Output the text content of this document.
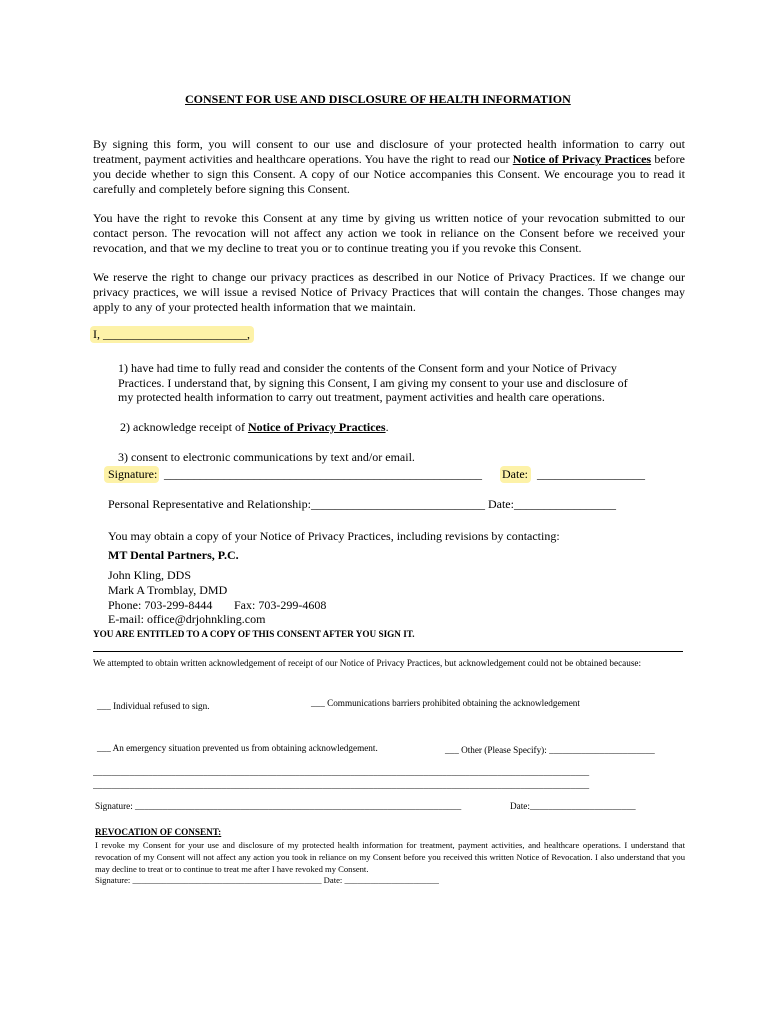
CONSENT FOR USE AND DISCLOSURE OF HEALTH INFORMATION
By signing this form, you will consent to our use and disclosure of your protected health information to carry out treatment, payment activities and healthcare operations. You have the right to read our Notice of Privacy Practices before you decide whether to sign this Consent. A copy of our Notice accompanies this Consent. We encourage you to read it carefully and completely before signing this Consent.
You have the right to revoke this Consent at any time by giving us written notice of your revocation submitted to our contact person. The revocation will not affect any action we took in reliance on the Consent before we received your revocation, and that we my decline to treat you or to continue treating you if you revoke this Consent.
We reserve the right to change our privacy practices as described in our Notice of Privacy Practices. If we change our privacy practices, we will issue a revised Notice of Privacy Practices that will contain the changes. Those changes may apply to any of your protected health information that we maintain.
I, ________________________,
1) have had time to fully read and consider the contents of the Consent form and your Notice of Privacy
Practices. I understand that, by signing this Consent, I am giving my consent to your use and disclosure of
my protected health information to carry out treatment, payment activities and health care operations.
2) acknowledge receipt of Notice of Privacy Practices.
3) consent to electronic communications by text and/or email.
Signature: _____________________________________________________ Date: __________________
Personal Representative and Relationship:_____________________________ Date:_________________
You may obtain a copy of your Notice of Privacy Practices, including revisions by contacting:
MT Dental Partners, P.C.
John Kling, DDS
Mark A Tromblay, DMD
Phone: 703-299-8444 Fax: 703-299-4608
E-mail: office@drjohnkling.com
YOU ARE ENTITLED TO A COPY OF THIS CONSENT AFTER YOU SIGN IT.
We attempted to obtain written acknowledgement of receipt of our Notice of Privacy Practices, but acknowledgement could not be obtained because:
___ Individual refused to sign.	___ Communications barriers prohibited obtaining the acknowledgement
___ An emergency situation prevented us from obtaining acknowledgement.	___ Other (Please Specify): _______________________
____________________________________________________________________________________________________________
____________________________________________________________________________________________________________
Signature: _______________________________________________________________________	Date:_______________________
REVOCATION OF CONSENT:
I revoke my Consent for your use and disclosure of my protected health information for treatment, payment activities, and healthcare operations. I understand that revocation of my Consent will not affect any action you took in reliance on my Consent before you received this written Notice of Revocation. I also understand that you may decline to treat or to continue to treat me after I have revoked my Consent.
Signature: ____________________________________________ Date: ______________________
